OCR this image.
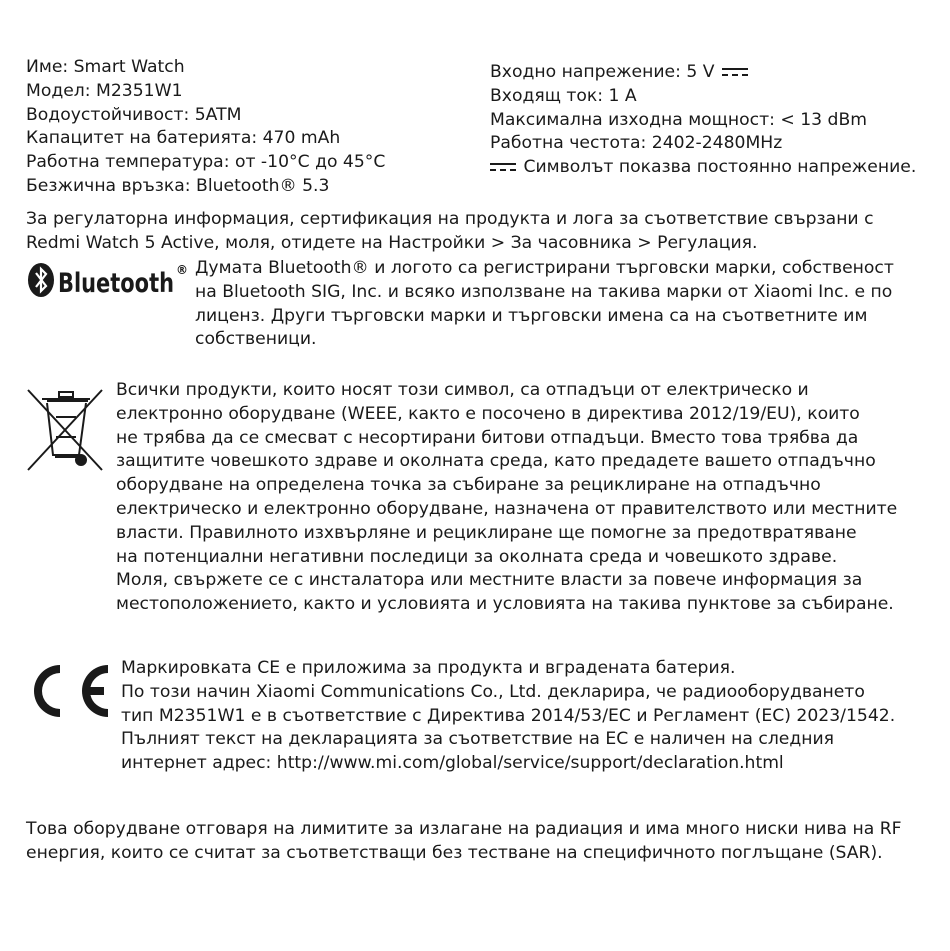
Име: Smart Watch
Модел: M2351W1
Водоустойчивост: 5ATM
Капацитет на батерията: 470 mAh
Работна температура: от -10°C до 45°C
Безжична връзка: Bluetooth® 5.3
Входно напрежение: 5 V
Входящ ток: 1 A
Максимална изходна мощност: < 13 dBm
Работна честота: 2402-2480MHz
Символът показва постоянно напрежение.
За регулаторна информация, сертификация на продукта и лога за съответствие свързани с
Redmi Watch 5 Active, моля, отидете на Настройки > За часовника > Регулация.
Bluetooth ® Думата Bluetooth® и логото са регистрирани търговски марки, собственост
на Bluetooth SIG, Inc. и всяко използване на такива марки от Xiaomi Inc. е по
лиценз. Други търговски марки и търговски имена са на съответните им
собственици.
Всички продукти, които носят този символ, са отпадъци от електрическо и
електронно оборудване (WEEE, както е посочено в директива 2012/19/EU), които
не трябва да се смесват с несортирани битови отпадъци. Вместо това трябва да
защитите човешкото здраве и околната среда, като предадете вашето отпадъчно
оборудване на определена точка за събиране за рециклиране на отпадъчно
електрическо и електронно оборудване, назначена от правителството или местните
власти. Правилното изхвърляне и рециклиране ще помогне за предотвратяване
на потенциални негативни последици за околната среда и човешкото здраве.
Моля, свържете се с инсталатора или местните власти за повече информация за
местоположението, както и условията и условията на такива пунктове за събиране.
Маркировката CE е приложима за продукта и вградената батерия.
По този начин Xiaomi Communications Co., Ltd. декларира, че радиооборудването
тип M2351W1 е в съответствие с Директива 2014/53/ЕС и Регламент (ЕС) 2023/1542.
Пълният текст на декларацията за съответствие на ЕС е наличен на следния
интернет адрес: http://www.mi.com/global/service/support/declaration.html
Това оборудване отговаря на лимитите за излагане на радиация и има много ниски нива на RF
енергия, които се считат за съответстващи без тестване на специфичното поглъщане (SAR).
